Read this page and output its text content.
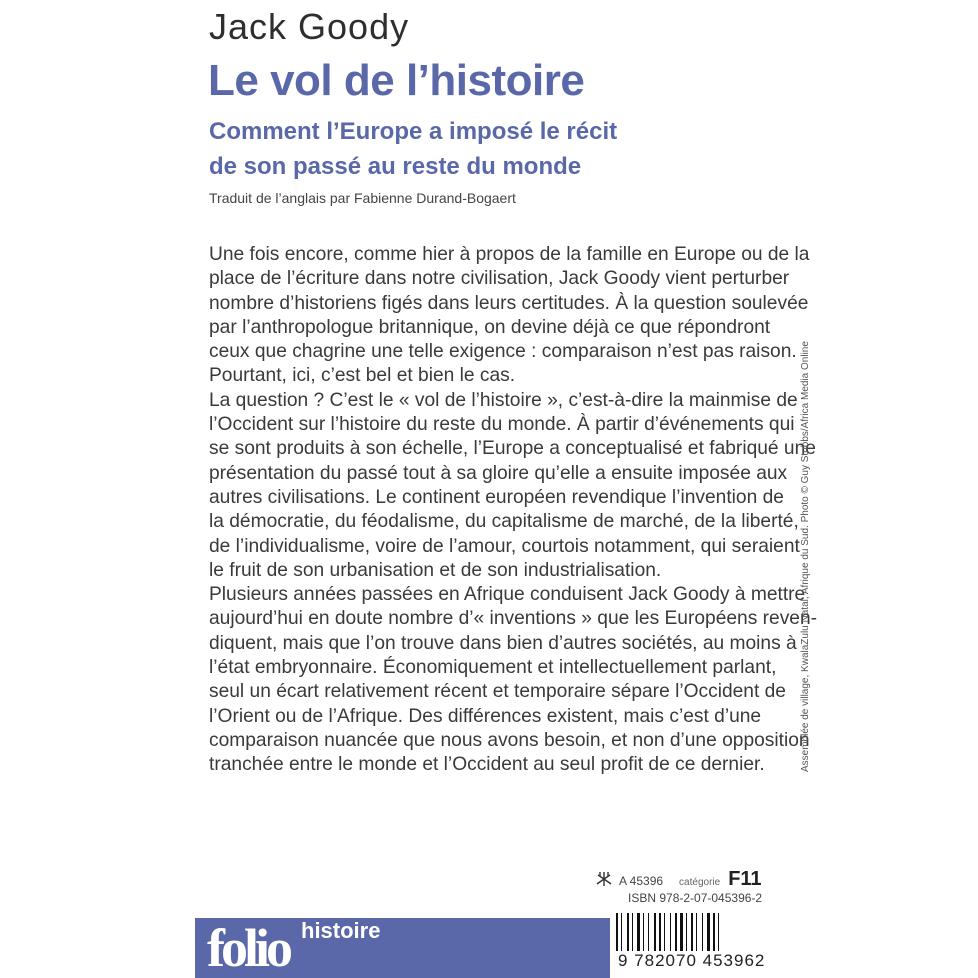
Jack Goody
Le vol de l’histoire
Comment l’Europe a imposé le récit
de son passé au reste du monde
Traduit de l’anglais par Fabienne Durand-Bogaert
Une fois encore, comme hier à propos de la famille en Europe ou de la
place de l’écriture dans notre civilisation, Jack Goody vient perturber
nombre d’historiens figés dans leurs certitudes. À la question soulevée
par l’anthropologue britannique, on devine déjà ce que répondront
ceux que chagrine une telle exigence : comparaison n’est pas raison.
Pourtant, ici, c’est bel et bien le cas.
La question ? C’est le « vol de l’histoire », c’est-à-dire la mainmise de
l’Occident sur l’histoire du reste du monde. À partir d’événements qui
se sont produits à son échelle, l’Europe a conceptualisé et fabriqué une
présentation du passé tout à sa gloire qu’elle a ensuite imposée aux
autres civilisations. Le continent européen revendique l’invention de
la démocratie, du féodalisme, du capitalisme de marché, de la liberté,
de l’individualisme, voire de l’amour, courtois notamment, qui seraient
le fruit de son urbanisation et de son industrialisation.
Plusieurs années passées en Afrique conduisent Jack Goody à mettre
aujourd’hui en doute nombre d’« inventions » que les Européens reven-
diquent, mais que l’on trouve dans bien d’autres sociétés, au moins à
l’état embryonnaire. Économiquement et intellectuellement parlant,
seul un écart relativement récent et temporaire sépare l’Occident de
l’Orient ou de l’Afrique. Des différences existent, mais c’est d’une
comparaison nuancée que nous avons besoin, et non d’une opposition
tranchée entre le monde et l’Occident au seul profit de ce dernier.	Assemblée de village, KwalaZulu Natal, Afrique du Sud. Photo © Guy Stubbs/Africa Media Online
A 45396 catégorie F11
ISBN 978-2-07-045396-2
folio histoire
9 782070 453962
